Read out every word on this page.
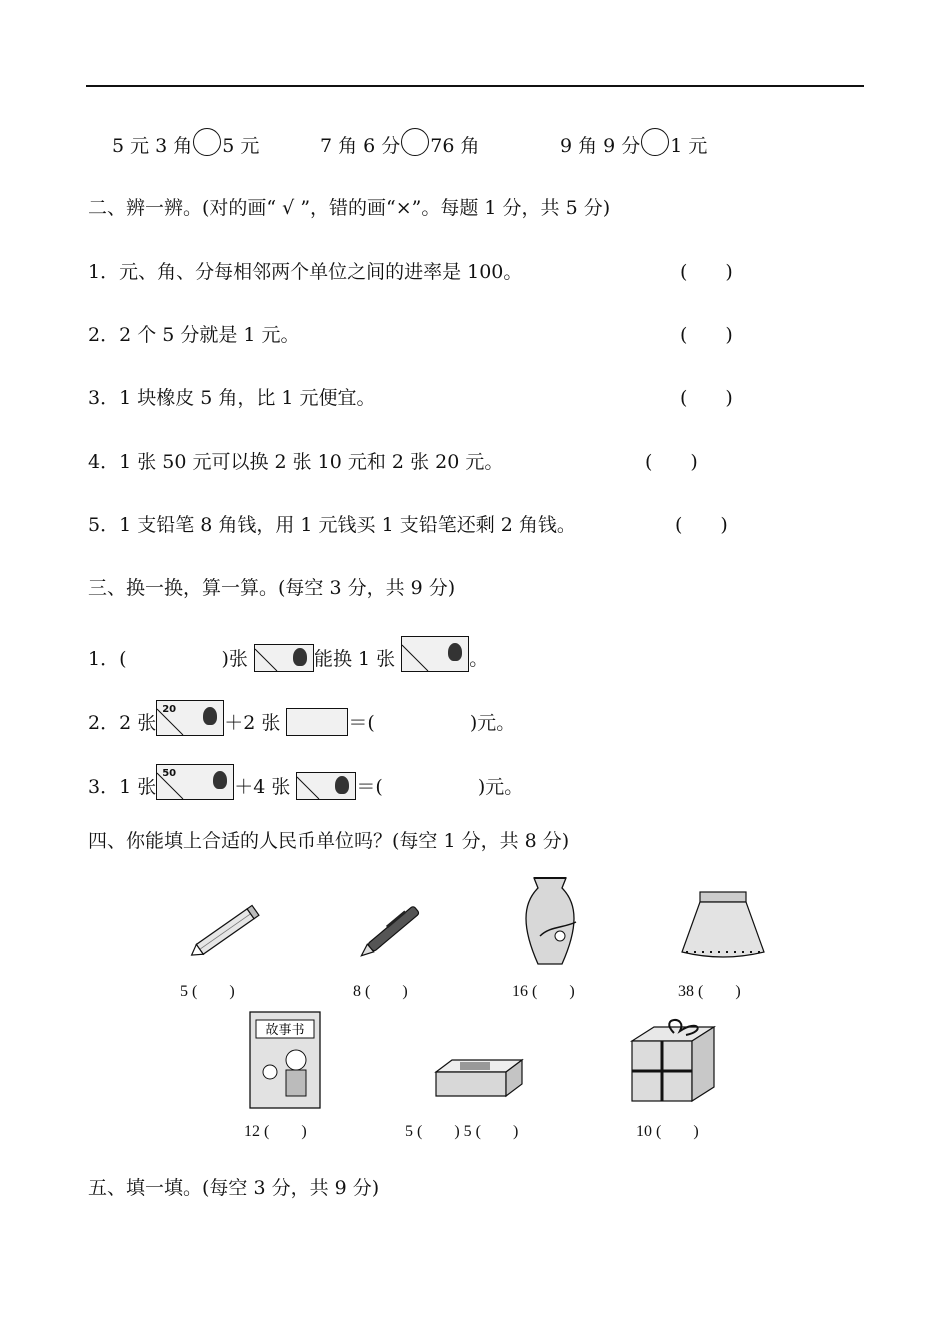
5 元 3 角 5 元	7 角 6 分 76 角	9 角 9 分 1 元
二、辨一辨。(对的画“ √ ”，错的画“×”。每题 1 分，共 5 分)
1．元、角、分每相邻两个单位之间的进率是 100。	(　　)
2．2 个 5 分就是 1 元。	(　　)
3．1 块橡皮 5 角，比 1 元便宜。	(　　)
4．1 张 50 元可以换 2 张 10 元和 2 张 20 元。	(　　)
5．1 支铅笔 8 角钱，用 1 元钱买 1 支铅笔还剩 2 角钱。	(　　)
三、换一换，算一算。(每空 3 分，共 9 分)
1．(	)张	能换 1 张	。
2．2 张
20
＋2 张	＝(	)元。
3．1 张
50
＋4 张	＝(	)元。
四、你能填上合适的人民币单位吗？(每空 1 分，共 8 分)
5 (　　)	8 (　　)	16 (　　)	38 (　　)
故事书
12 (　　)	5 (　　) 5 (　　)	10 (　　)
五、填一填。(每空 3 分，共 9 分)
